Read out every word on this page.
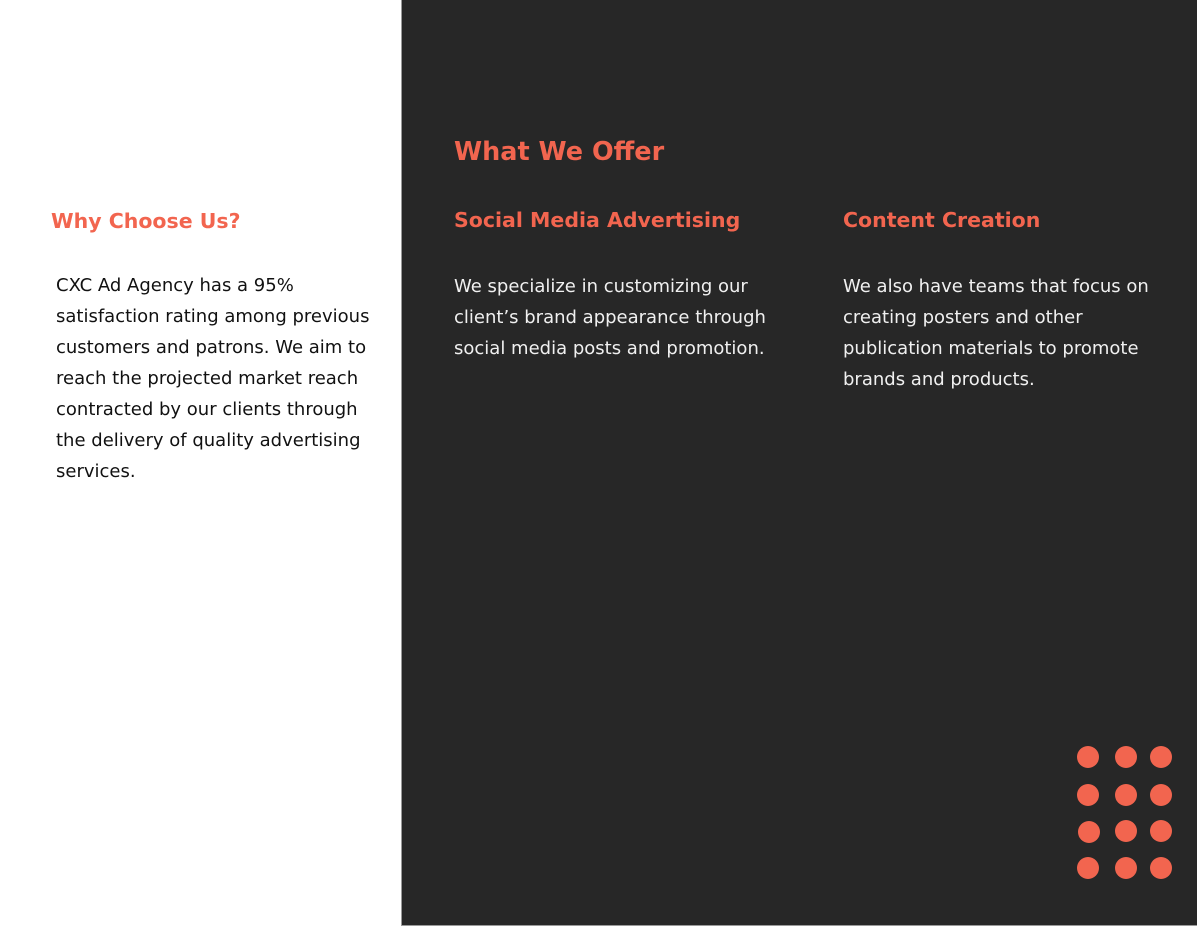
Why Choose Us?

CXC Ad Agency has a 95% satisfaction rating among previous customers and patrons. We aim to reach the projected market reach contracted by our clients through the delivery of quality advertising services.

What We Offer
Social Media Advertising

We specialize in customizing our client’s brand appearance through social media posts and promotion.

Content Creation

We also have teams that focus on creating posters and other publication materials to promote brands and products.
